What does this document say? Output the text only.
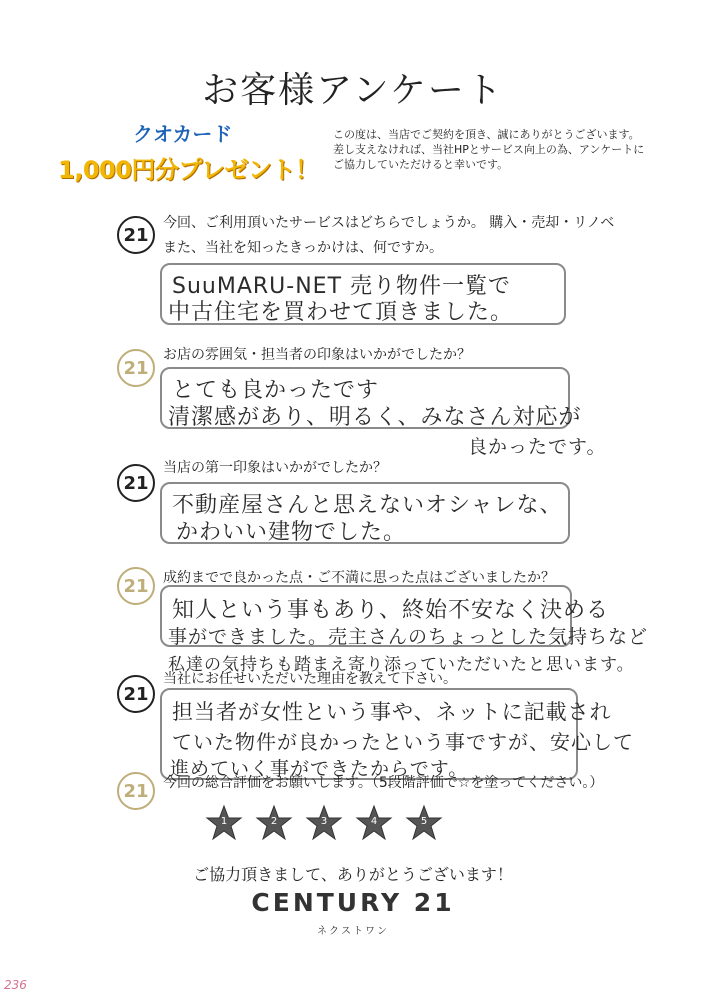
お客様アンケート
クオカード
1,000円分プレゼント！
この度は、当店でご契約を頂き、誠にありがとうございます。
差し支えなければ、当社HPとサービス向上の為、アンケートに
ご協力していただけると幸いです。
21
今回、ご利用頂いたサービスはどちらでしょうか。 購入・売却・リノベ
また、当社を知ったきっかけは、何ですか。
SuuMARU-NET 売り物件一覧で
中古住宅を買わせて頂きました。
21
お店の雰囲気・担当者の印象はいかがでしたか？
とても良かったです
清潔感があり、明るく、みなさん対応が
良かったです。
21
当店の第一印象はいかがでしたか？
不動産屋さんと思えないオシャレな、
かわいい建物でした。
21	成約までで良かった点・ご不満に思った点はございましたか？
知人という事もあり、終始不安なく決める
事ができました。売主さんのちょっとした気持ちなど
私達の気持ちも踏まえ寄り添っていただいたと思います。
21
当社にお任せいただいた理由を教えて下さい。
担当者が女性という事や、ネットに記載され
ていた物件が良かったという事ですが、安心して
進めていく事ができたからです。
21	今回の総合評価をお願いします。（5段階評価で☆を塗ってください。）
1	2	3	4	5
ご協力頂きまして、ありがとうございます！
CENTURY 21
ネクストワン
236
